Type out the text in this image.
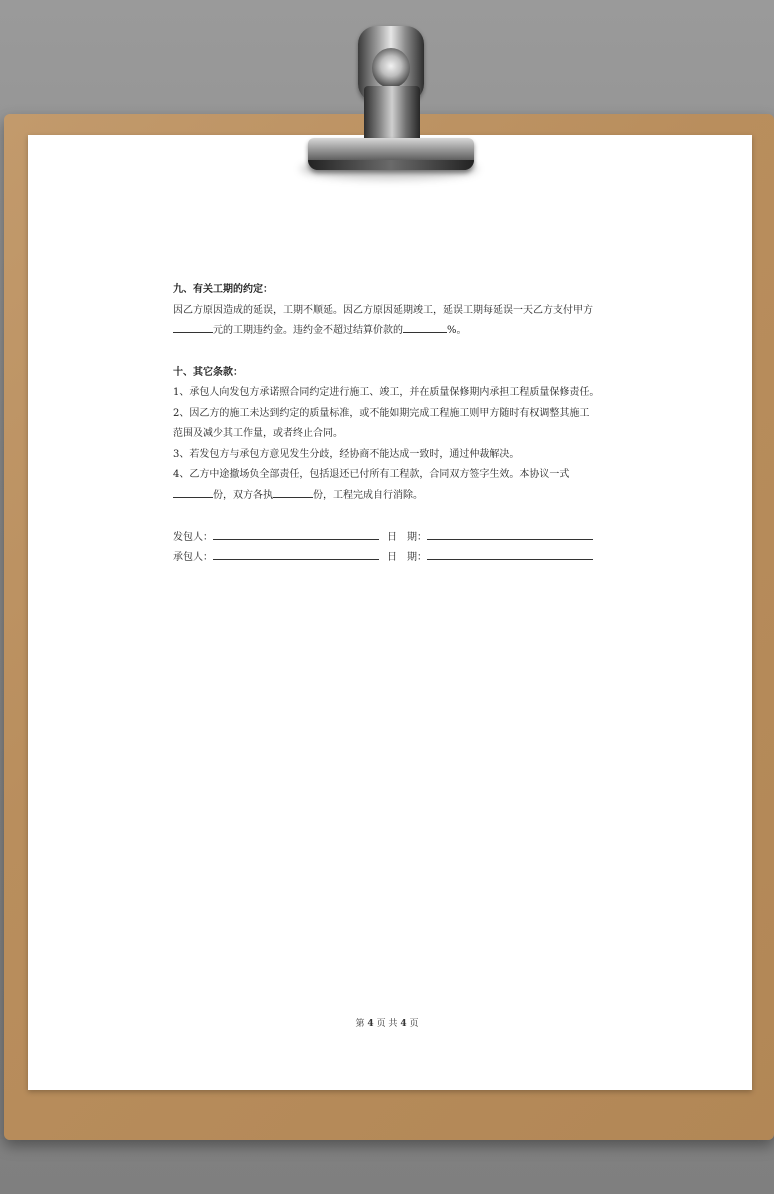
九、有关工期的约定：

因乙方原因造成的延误，工期不顺延。因乙方原因延期竣工，延误工期每延误一天乙方支付甲方

元的工期违约金。违约金不超过结算价款的	%。

十、其它条款：

1、承包人向发包方承诺照合同约定进行施工、竣工，并在质量保修期内承担工程质量保修责任。

2、因乙方的施工未达到约定的质量标准，或不能如期完成工程施工则甲方随时有权调整其施工

范围及减少其工作量，或者终止合同。

3、若发包方与承包方意见发生分歧，经协商不能达成一致时，通过仲裁解决。

4、乙方中途撤场负全部责任，包括退还已付所有工程款，合同双方签字生效。本协议一式

份，双方各执	份，工程完成自行消除。

发包人：	日　期：
承包人：	日　期：
第 4 页 共 4 页
